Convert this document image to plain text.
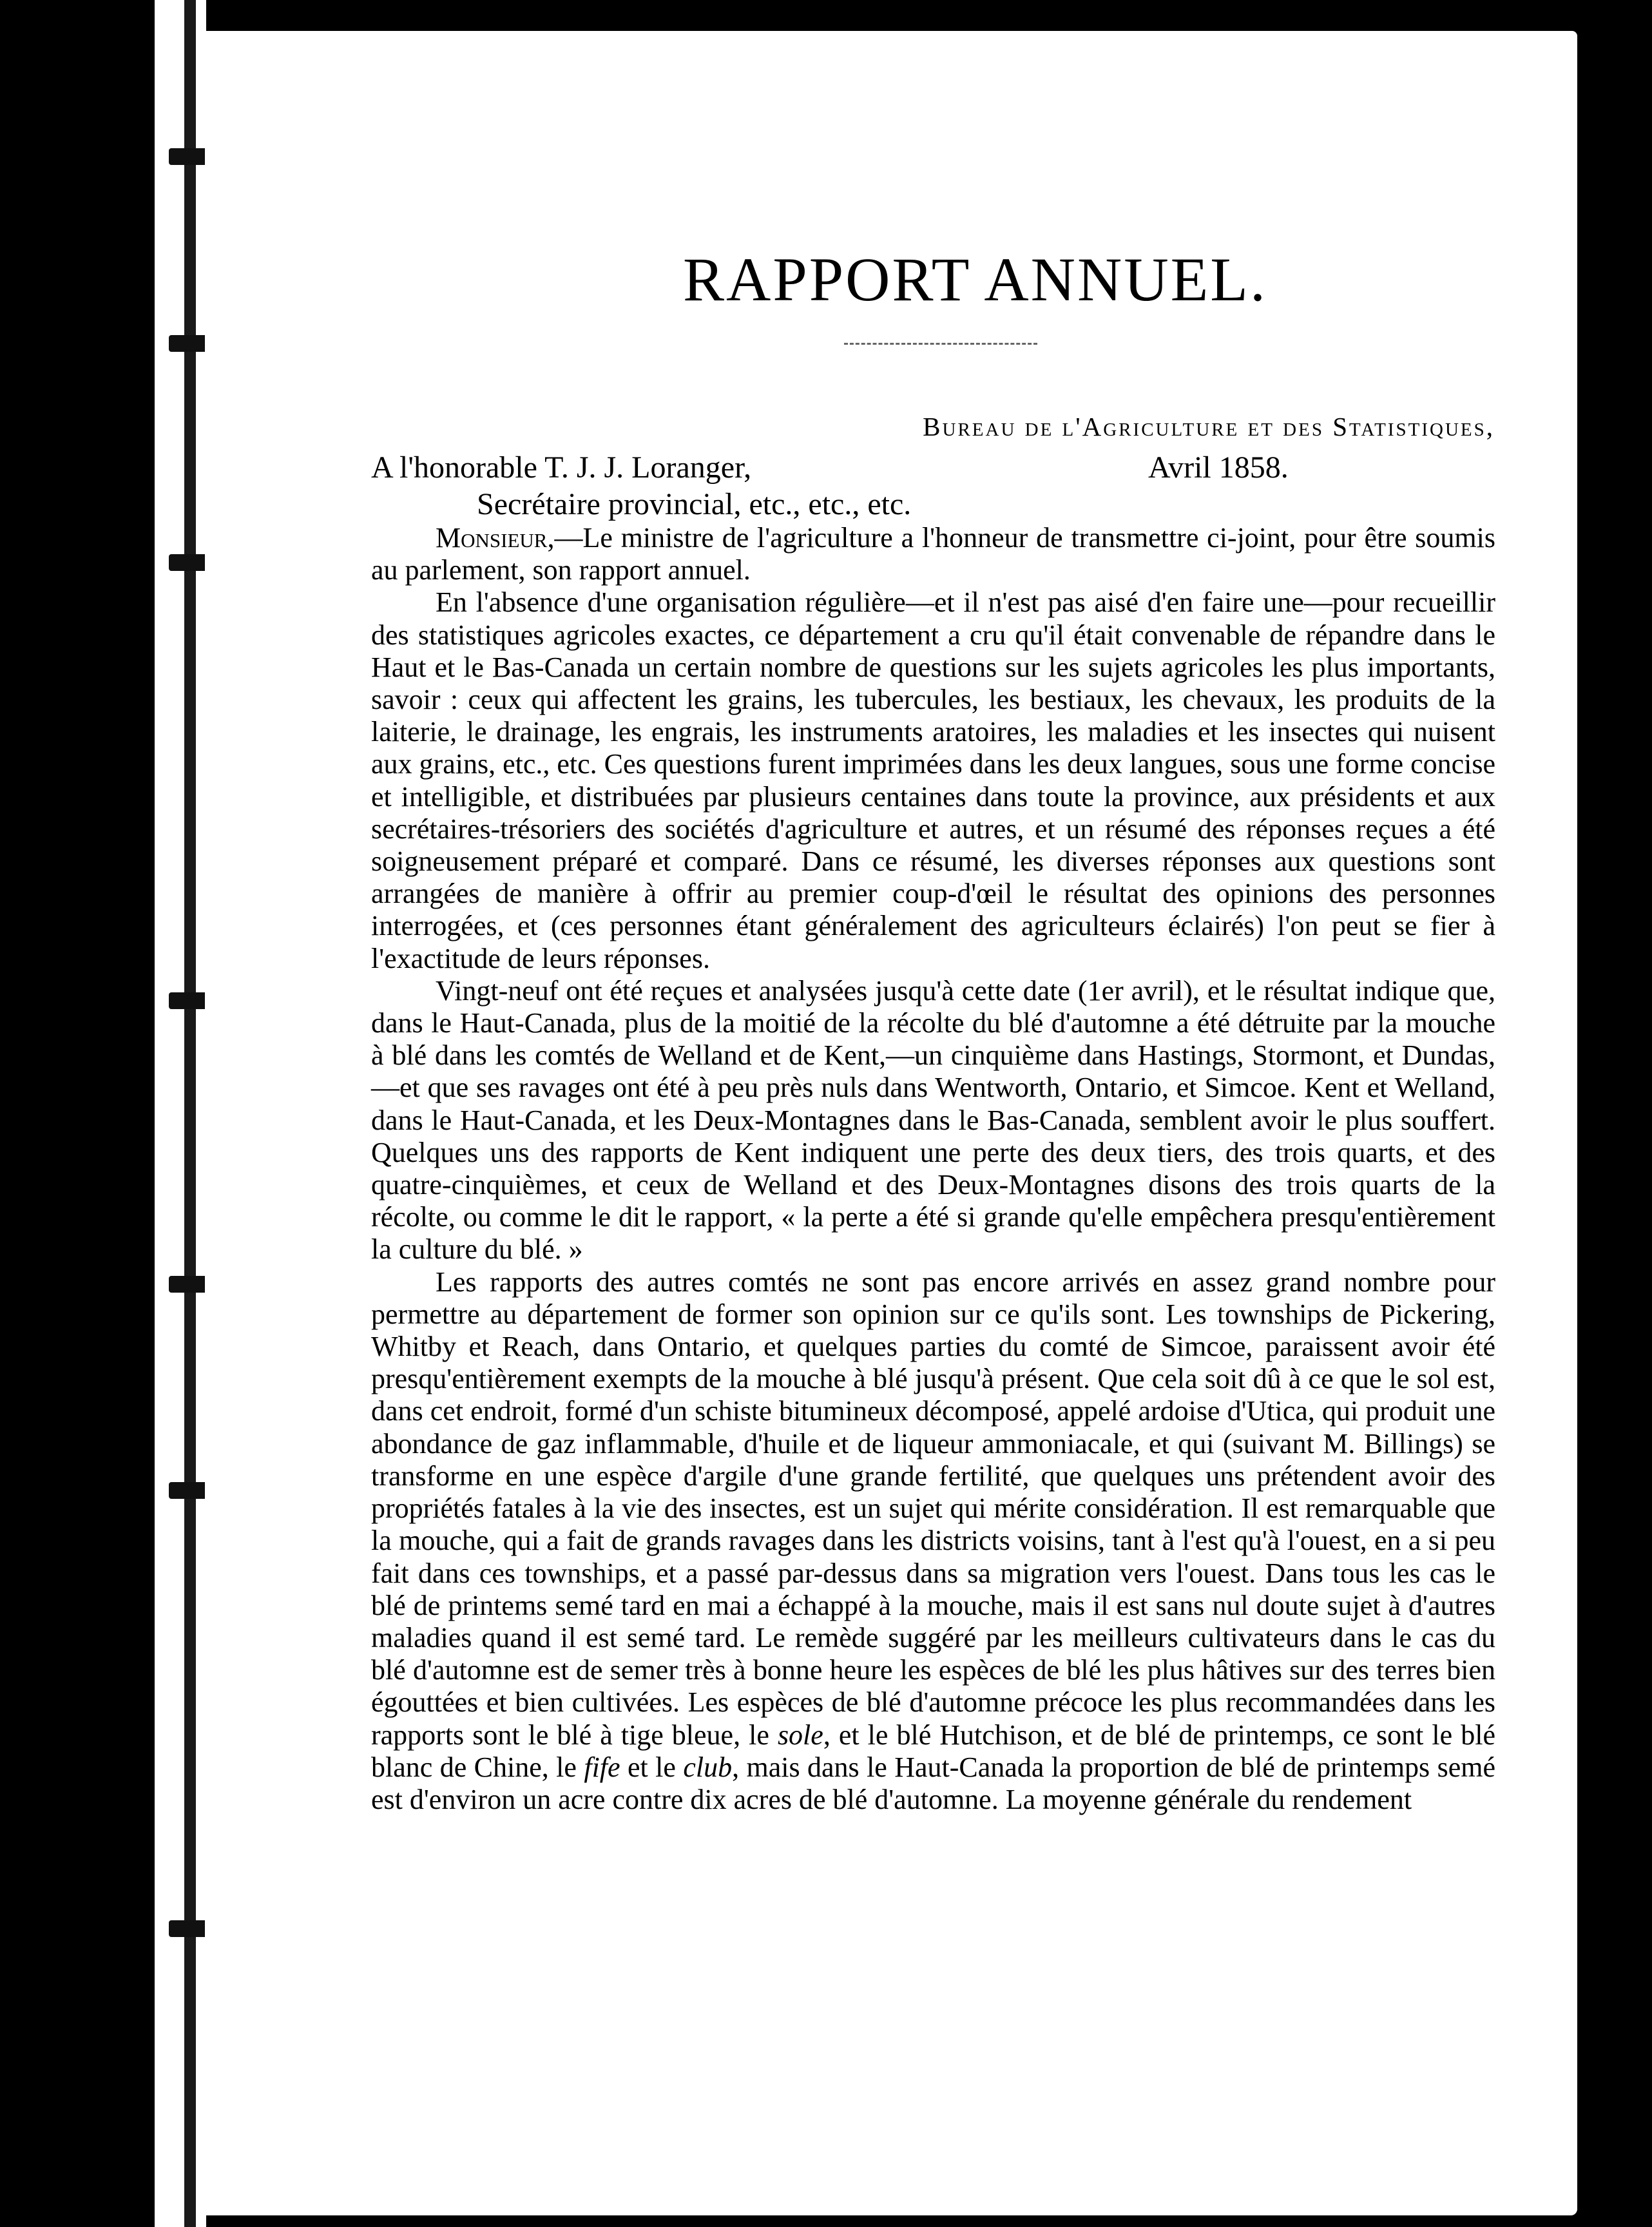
RAPPORT ANNUEL.
Bureau de l'Agriculture et des Statistiques,
A l'honorable T. J. J. Loranger,	Avril 1858.
Secrétaire provincial, etc., etc., etc.

Monsieur,—Le ministre de l'agriculture a l'honneur de transmettre ci-joint, pour être soumis au parlement, son rapport annuel.

En l'absence d'une organisation régulière—et il n'est pas aisé d'en faire une—pour recueillir des statistiques agricoles exactes, ce département a cru qu'il était convenable de répandre dans le Haut et le Bas-Canada un certain nombre de questions sur les sujets agricoles les plus importants, savoir : ceux qui affectent les grains, les tubercules, les bestiaux, les chevaux, les produits de la laiterie, le drainage, les engrais, les instruments aratoires, les maladies et les insectes qui nuisent aux grains, etc., etc. Ces questions furent imprimées dans les deux langues, sous une forme concise et intelligible, et distribuées par plusieurs centaines dans toute la province, aux présidents et aux secrétaires-trésoriers des sociétés d'agriculture et autres, et un résumé des réponses reçues a été soigneusement préparé et comparé. Dans ce résumé, les diverses réponses aux questions sont arrangées de manière à offrir au premier coup-d'œil le résultat des opinions des personnes interrogées, et (ces personnes étant généralement des agriculteurs éclairés) l'on peut se fier à l'exactitude de leurs réponses.

Vingt-neuf ont été reçues et analysées jusqu'à cette date (1er avril), et le résultat indique que, dans le Haut-Canada, plus de la moitié de la récolte du blé d'automne a été détruite par la mouche à blé dans les comtés de Welland et de Kent,—un cinquième dans Hastings, Stormont, et Dundas,—et que ses ravages ont été à peu près nuls dans Wentworth, Ontario, et Simcoe. Kent et Welland, dans le Haut-Canada, et les Deux-Montagnes dans le Bas-Canada, semblent avoir le plus souffert. Quelques uns des rapports de Kent indiquent une perte des deux tiers, des trois quarts, et des quatre-cinquièmes, et ceux de Welland et des Deux-Montagnes disons des trois quarts de la récolte, ou comme le dit le rapport, « la perte a été si grande qu'elle empêchera presqu'entièrement la culture du blé. »

Les rapports des autres comtés ne sont pas encore arrivés en assez grand nombre pour permettre au département de former son opinion sur ce qu'ils sont. Les townships de Pickering, Whitby et Reach, dans Ontario, et quelques parties du comté de Simcoe, paraissent avoir été presqu'entièrement exempts de la mouche à blé jusqu'à présent. Que cela soit dû à ce que le sol est, dans cet endroit, formé d'un schiste bitumineux décomposé, appelé ardoise d'Utica, qui produit une abondance de gaz inflammable, d'huile et de liqueur ammoniacale, et qui (suivant M. Billings) se transforme en une espèce d'argile d'une grande fertilité, que quelques uns prétendent avoir des propriétés fatales à la vie des insectes, est un sujet qui mérite considération. Il est remarquable que la mouche, qui a fait de grands ravages dans les districts voisins, tant à l'est qu'à l'ouest, en a si peu fait dans ces townships, et a passé par-dessus dans sa migration vers l'ouest. Dans tous les cas le blé de printems semé tard en mai a échappé à la mouche, mais il est sans nul doute sujet à d'autres maladies quand il est semé tard. Le remède suggéré par les meilleurs cultivateurs dans le cas du blé d'automne est de semer très à bonne heure les espèces de blé les plus hâtives sur des terres bien égouttées et bien cultivées. Les espèces de blé d'automne précoce les plus recommandées dans les rapports sont le blé à tige bleue, le sole, et le blé Hutchison, et de blé de printemps, ce sont le blé blanc de Chine, le fife et le club, mais dans le Haut-Canada la proportion de blé de printemps semé est d'environ un acre contre dix acres de blé d'automne. La moyenne générale du rendement
